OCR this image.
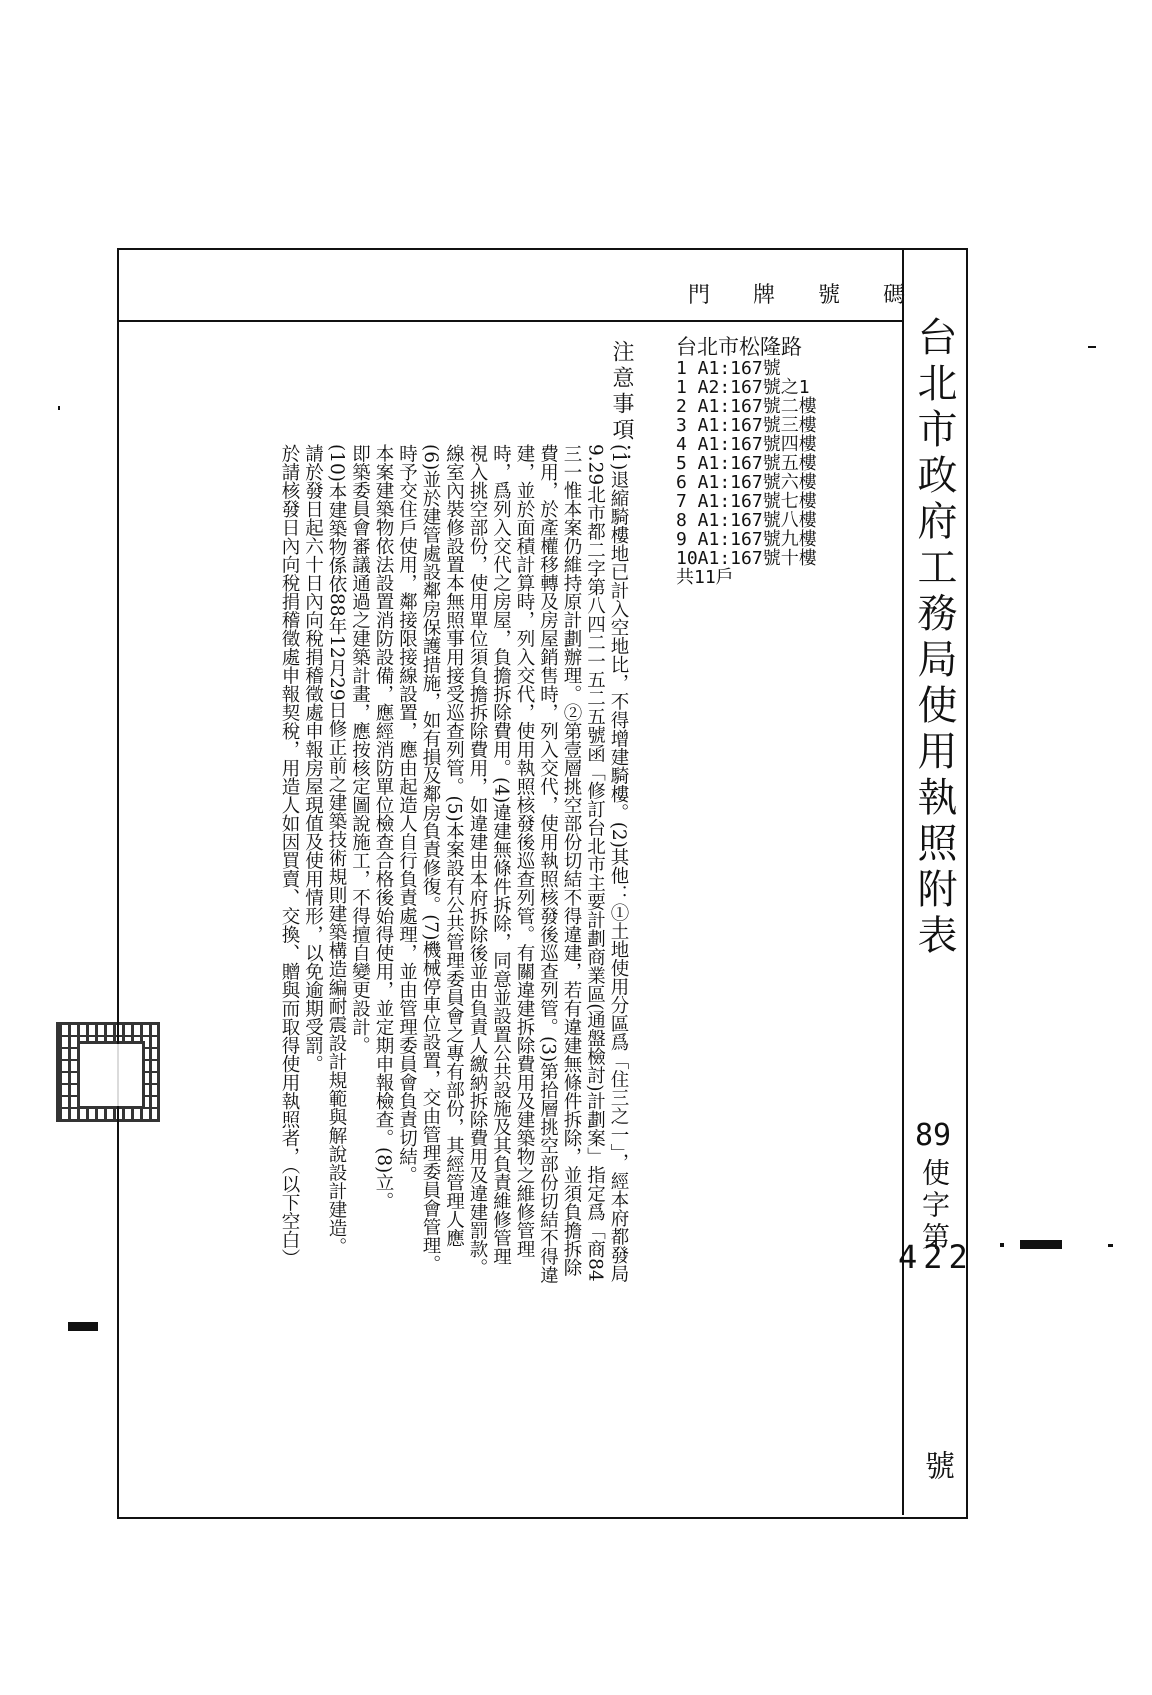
門 牌 號 碼
台北市政府工務局使用執照附表
89
使字第
422
號
台北市松隆路
1 A1:167號
1 A2:167號之1
2 A1:167號二樓
3 A1:167號三樓
4 A1:167號四樓
5 A1:167號五樓
6 A1:167號六樓
7 A1:167號七樓
8 A1:167號八樓
9 A1:167號九樓
10A1:167號十樓
共11戶
注意事項：

(1)退縮騎樓地已計入空地比，不得增建騎樓。(2)其他：①土地使用分區爲「住三之一」，經本府都發局

9.29北市都二字第八四二一五二五號函「修訂台北市主要計劃商業區(通盤檢討)計劃案」指定爲「商84

三一惟本案仍維持原計劃辦理。②第壹層挑空部份切結不得違建，若有違建無條件拆除，並須負擔拆除

費用，於產權移轉及房屋銷售時，列入交代，使用執照核發後巡查列管。(3)第拾層挑空部份切結不得違

建，並於面積計算時，列入交代，使用執照核發後巡查列管。有關違建拆除費用及建築物之維修管理

時，爲列入交代之房屋，負擔拆除費用。(4)違建無條件拆除，同意並設置公共設施及其負責維修管理

視入挑空部份，使用單位須負擔拆除費用，如違建由本府拆除後並由負責人繳納拆除費用及違建罰款。

線室內裝修設置本無照事用接受巡查列管。(5)本案設有公共管理委員會之專有部份，其經管理人應

(6)並於建管處設鄰房保護措施，如有損及鄰房負責修復。(7)機械停車位設置，交由管理委員會管理。

時予交住戶使用，鄰接限接線設置，應由起造人自行負責處理，並由管理委員會負責切結。

本案建築物依法設置消防設備，應經消防單位檢查合格後始得使用，並定期申報檢查。(8)立。

即築委員會審議通過之建築計畫，應按核定圖說施工，不得擅自變更設計。

(10)本建築物係依88年12月29日修正前之建築技術規則建築構造編耐震設計規範與解說設計建造。

請於發日起六十日內向稅捐稽徵處申報房屋現值及使用情形，以免逾期受罰。

於請核發日內向稅捐稽徵處申報契稅，用造人如因買賣、交換、贈與而取得使用執照者，（以下空白）
